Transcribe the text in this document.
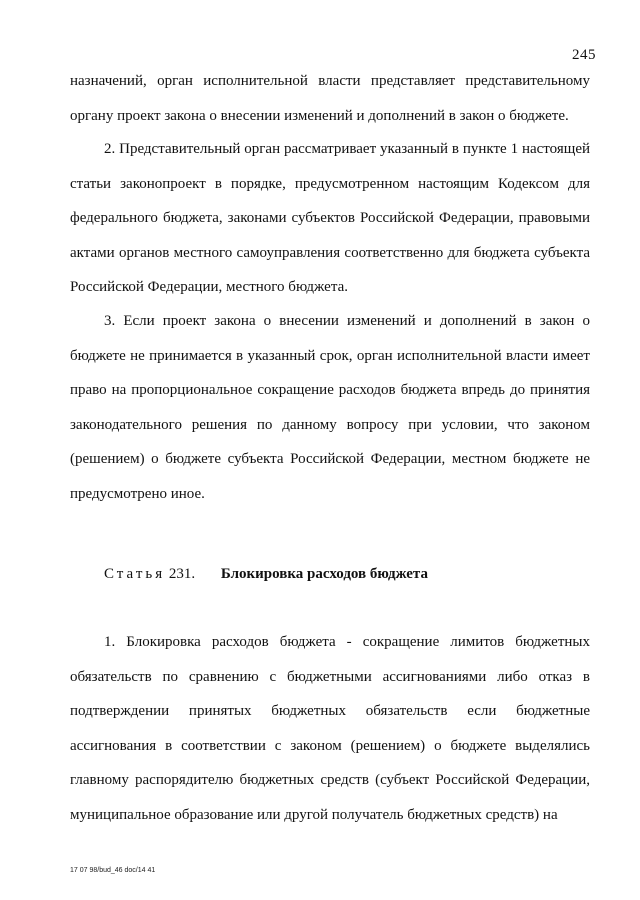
245

назначений, орган исполнительной власти представляет представительному органу проект закона о внесении изменений и дополнений в закон о бюджете.

2. Представительный орган рассматривает указанный в пункте 1 настоящей статьи законопроект в порядке, предусмотренном настоящим Кодексом для федерального бюджета, законами субъектов Российской Федерации, правовыми актами органов местного самоуправления соответственно для бюджета субъекта Российской Федерации, местного бюджета.

3. Если проект закона о внесении изменений и дополнений в закон о бюджете не принимается в указанный срок, орган исполнительной власти имеет право на пропорциональное сокращение расходов бюджета впредь до принятия законодательного решения по данному вопросу при условии, что законом (решением) о бюджете субъекта Российской Федерации, местном бюджете не предусмотрено иное.

Статья 231. Блокировка расходов бюджета

1. Блокировка расходов бюджета - сокращение лимитов бюджетных обязательств по сравнению с бюджетными ассигнованиями либо отказ в подтверждении принятых бюджетных обязательств если бюджетные ассигнования в соответствии с законом (решением) о бюджете выделялись главному распорядителю бюджетных средств (субъект Российской Федерации, муниципальное образование или другой получатель бюджетных средств) на

17 07 98/bud_46 doc/14 41
